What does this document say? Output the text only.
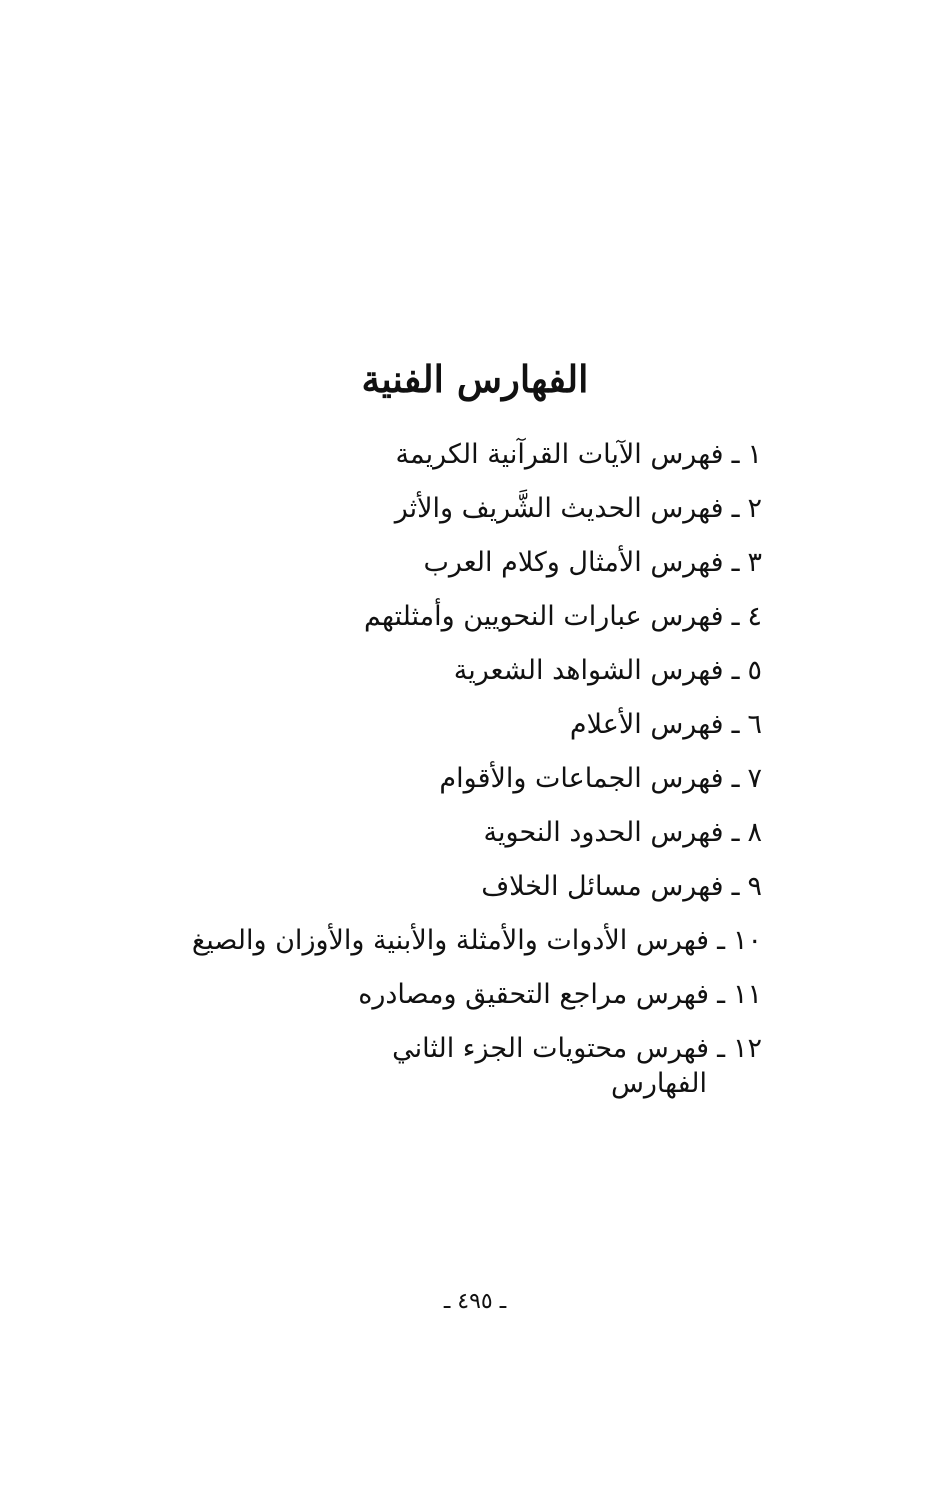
الفهارس الفنية
١ـفهرس الآيات القرآنية الكريمة
٢ـفهرس الحديث الشَّريف والأثر
٣ـفهرس الأمثال وكلام العرب
٤ـفهرس عبارات النحويين وأمثلتهم
٥ـفهرس الشواهد الشعرية
٦ـفهرس الأعلام
٧ـفهرس الجماعات والأقوام
٨ـفهرس الحدود النحوية
٩ـفهرس مسائل الخلاف
١٠ـفهرس الأدوات والأمثلة والأبنية والأوزان والصيغ
١١ـفهرس مراجع التحقيق ومصادره
١٢ـفهرس محتويات الجزء الثاني
الفهارس
ـ ٤٩٥ ـ
